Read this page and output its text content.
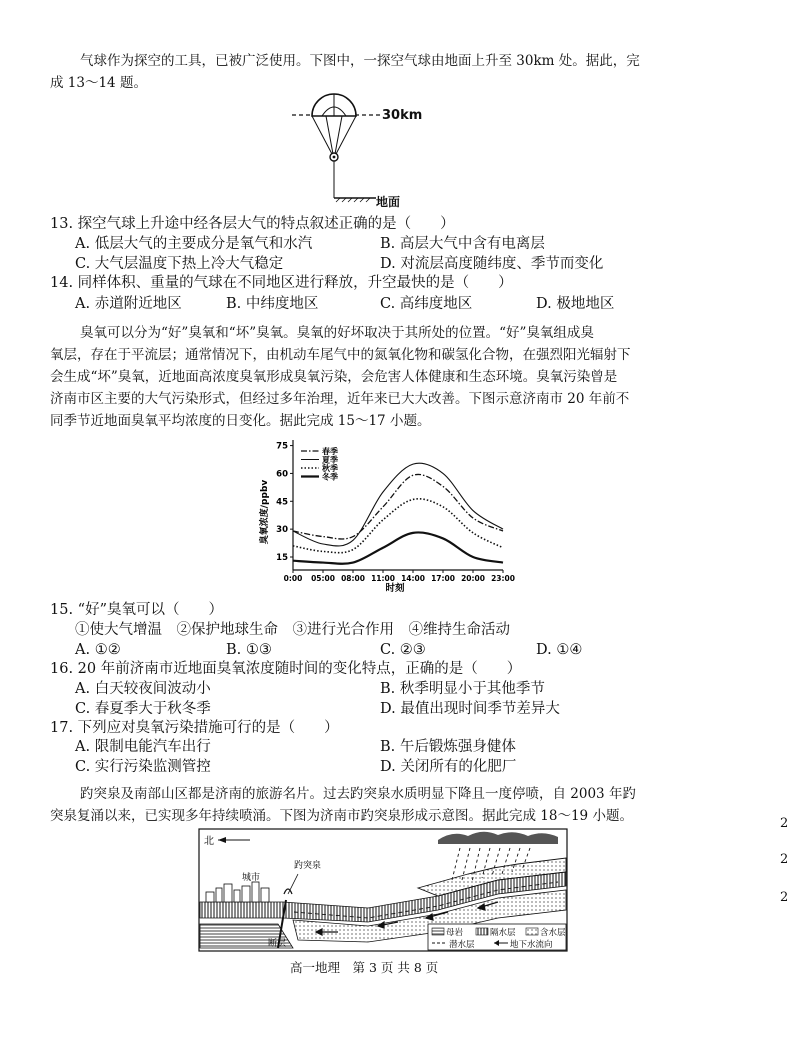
气球作为探空的工具，已被广泛使用。下图中，一探空气球由地面上升至 30km 处。据此，完
成 13～14 题。
30km
地面
13. 探空气球上升途中经各层大气的特点叙述正确的是（　　）
A. 低层大气的主要成分是氧气和水汽	B. 高层大气中含有电离层
C. 大气层温度下热上冷大气稳定	D. 对流层高度随纬度、季节而变化
14. 同样体积、重量的气球在不同地区进行释放，升空最快的是（　　）
A. 赤道附近地区	B. 中纬度地区	C. 高纬度地区	D. 极地地区
臭氧可以分为“好”臭氧和“坏”臭氧。臭氧的好坏取决于其所处的位置。“好”臭氧组成臭
氧层，存在于平流层；通常情况下，由机动车尾气中的氮氧化物和碳氢化合物，在强烈阳光辐射下
会生成“坏”臭氧，近地面高浓度臭氧形成臭氧污染，会危害人体健康和生态环境。臭氧污染曾是
济南市区主要的大气污染形式，但经过多年治理，近年来已大大改善。下图示意济南市 20 年前不
同季节近地面臭氧平均浓度的日变化。据此完成 15～17 小题。
15
30
45
60
75
0:00 05:00 08:00 11:00 14:00 17:00 20:00 23:00
春季
夏季
秋季
冬季
臭氧浓度/ppbv
时刻
15. “好”臭氧可以（　　）
①使大气增温　②保护地球生命　③进行光合作用　④维持生命活动
A. ①②	B. ①③	C. ②③	D. ①④
16. 20 年前济南市近地面臭氧浓度随时间的变化特点，正确的是（　　）
A. 白天较夜间波动小	B. 秋季明显小于其他季节
C. 春夏季大于秋冬季	D. 最值出现时间季节差异大
17. 下列应对臭氧污染措施可行的是（　　）
A. 限制电能汽车出行	B. 午后锻炼强身健体
C. 实行污染监测管控	D. 关闭所有的化肥厂
趵突泉及南部山区都是济南的旅游名片。过去趵突泉水质明显下降且一度停喷，自 2003 年趵
突泉复涌以来，已实现多年持续喷涌。下图为济南市趵突泉形成示意图。据此完成 18～19 小题。	2
2
2
北
城市
趵突泉
断层
母岩	隔水层	含水层
潜水层	地下水流向
高一地理　第 3 页 共 8 页
